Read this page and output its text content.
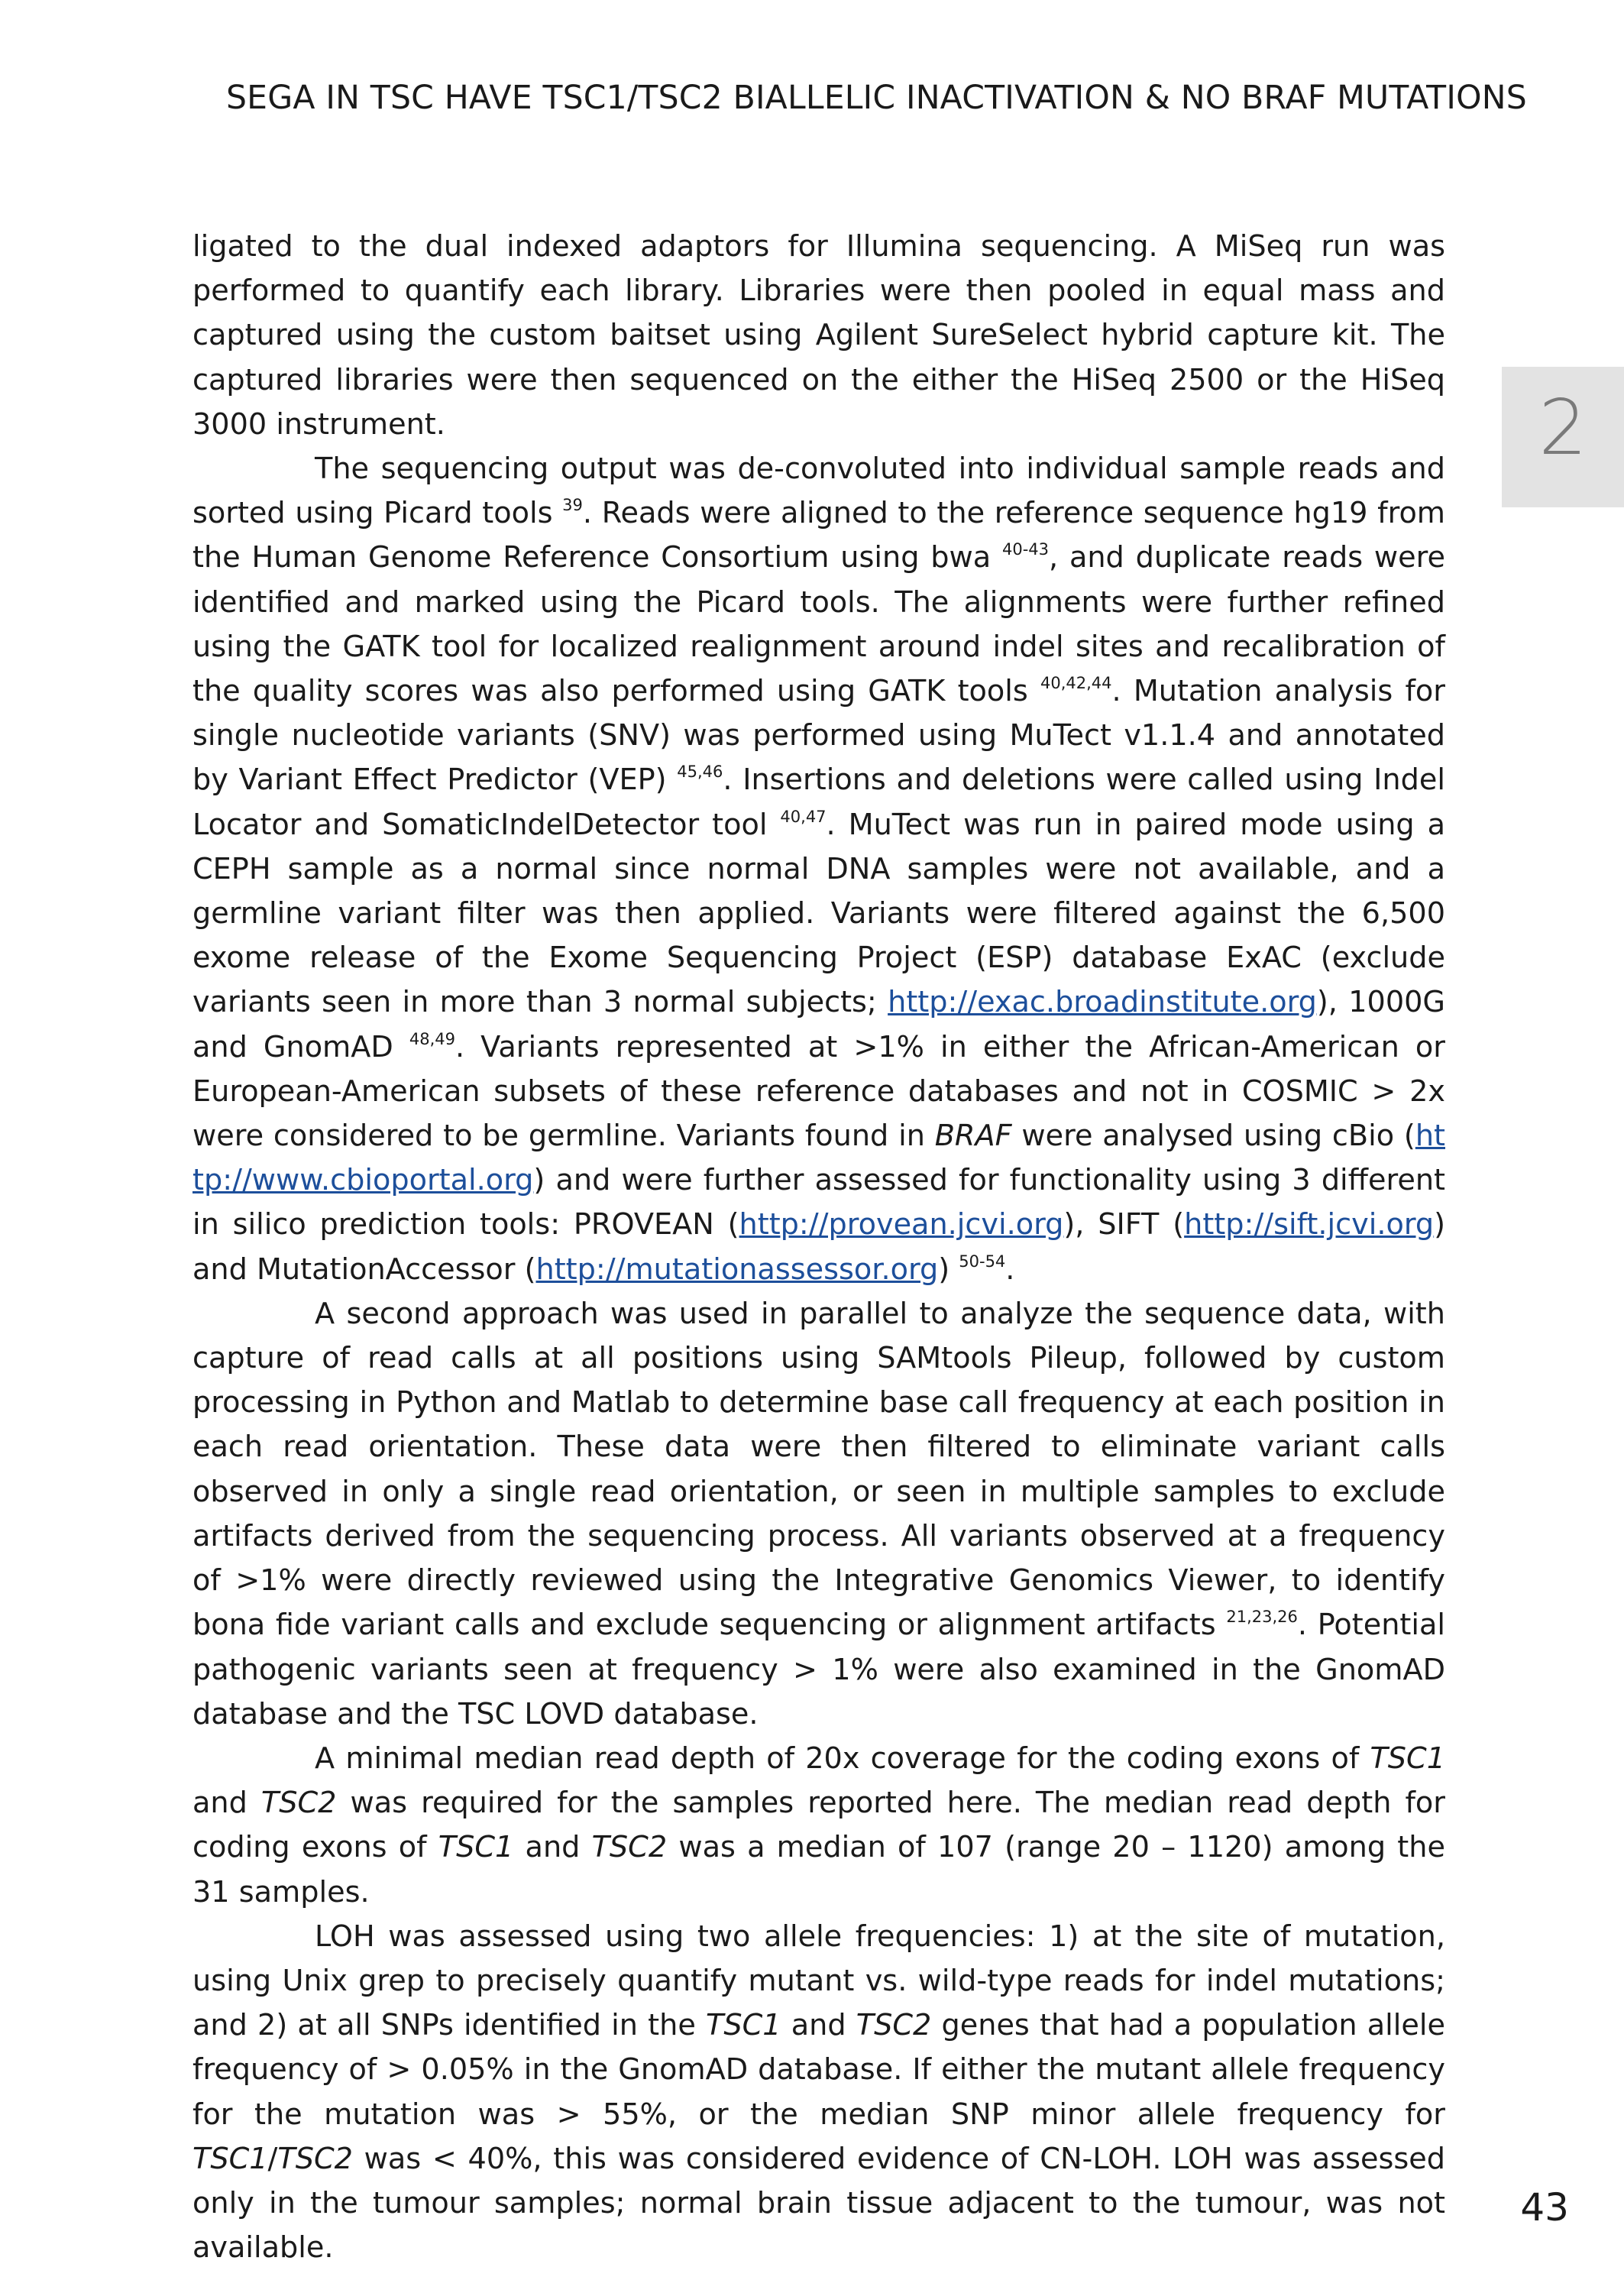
SEGA IN TSC HAVE TSC1/TSC2 BIALLELIC INACTIVATION & NO BRAF MUTATIONS
2

ligated to the dual indexed adaptors for Illumina sequencing. A MiSeq run was performed to quantify each library. Libraries were then pooled in equal mass and captured using the custom baitset using Agilent SureSelect hybrid capture kit. The captured libraries were then sequenced on the either the HiSeq 2500 or the HiSeq 3000 instrument.

The sequencing output was de-convoluted into individual sample reads and sorted using Picard tools $^{39}$. Reads were aligned to the reference sequence hg19 from the Human Genome Reference Consortium using bwa $^{40-43}$, and duplicate reads were identified and marked using the Picard tools. The alignments were further refined using the GATK tool for localized realignment around indel sites and recalibration of the quality scores was also performed using GATK tools $^{40,42,44}$. Mutation analysis for single nucleotide variants (SNV) was performed using MuTect v1.1.4 and annotated by Variant Effect Predictor (VEP) $^{45,46}$. Insertions and deletions were called using Indel Locator and SomaticIndelDetector tool $^{40,47}$. MuTect was run in paired mode using a CEPH sample as a normal since normal DNA samples were not available, and a germline variant filter was then applied. Variants were filtered against the 6,500 exome release of the Exome Sequencing Project (ESP) database ExAC (exclude variants seen in more than 3 normal subjects; http://exac.broadinstitute.org), 1000G and GnomAD $^{48,49}$. Variants represented at >1% in either the African-American or European-American subsets of these reference databases and not in COSMIC > 2x were considered to be germline. Variants found in BRAF were analysed using cBio (http://www.cbioportal.org) and were further assessed for functionality using 3 different in silico prediction tools: PROVEAN (http://provean.jcvi.org), SIFT (http://sift.jcvi.org) and MutationAccessor (http://mutationassessor.org) $^{50-54}$.

A second approach was used in parallel to analyze the sequence data, with capture of read calls at all positions using SAMtools Pileup, followed by custom processing in Python and Matlab to determine base call frequency at each position in each read orientation. These data were then filtered to eliminate variant calls observed in only a single read orientation, or seen in multiple samples to exclude artifacts derived from the sequencing process. All variants observed at a frequency of >1% were directly reviewed using the Integrative Genomics Viewer, to identify bona fide variant calls and exclude sequencing or alignment artifacts $^{21,23,26}$. Potential pathogenic variants seen at frequency > 1% were also examined in the GnomAD database and the TSC LOVD database.

A minimal median read depth of 20x coverage for the coding exons of TSC1 and TSC2 was required for the samples reported here. The median read depth for coding exons of TSC1 and TSC2 was a median of 107 (range 20 – 1120) among the 31 samples.

LOH was assessed using two allele frequencies: 1) at the site of mutation, using Unix grep to precisely quantify mutant vs. wild-type reads for indel mutations; and 2) at all SNPs identified in the TSC1 and TSC2 genes that had a population allele frequency of > 0.05% in the GnomAD database. If either the mutant allele frequency for the mutation was > 55%, or the median SNP minor allele frequency for TSC1/TSC2 was < 40%, this was considered evidence of CN-LOH. LOH was assessed only in the tumour samples; normal brain tissue adjacent to the tumour, was not available.

43
